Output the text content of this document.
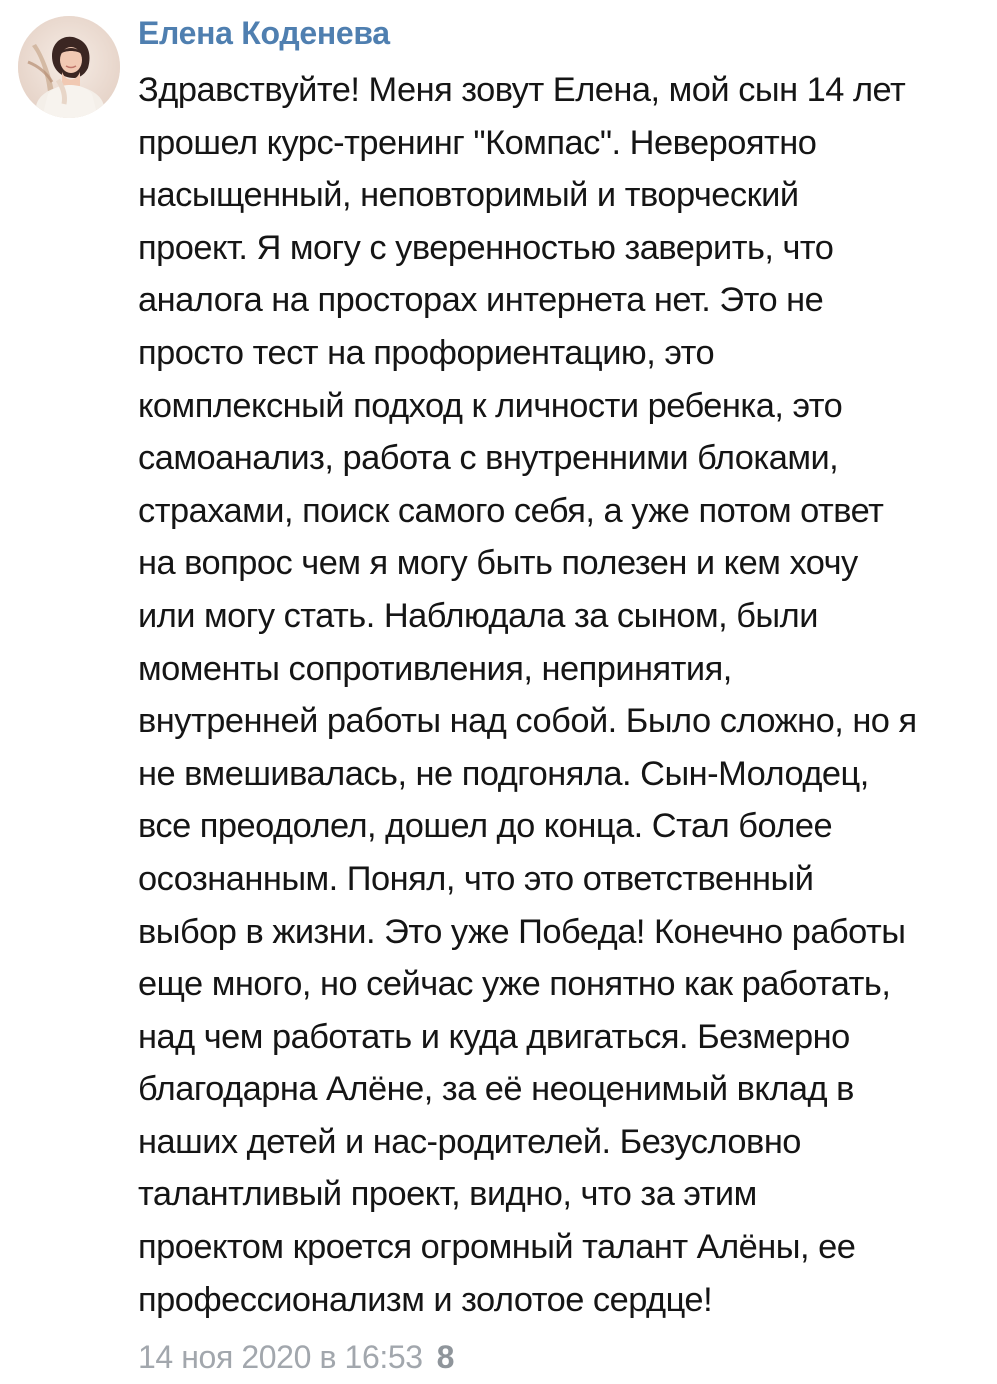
Елена Коденева
Здравствуйте! Меня зовут Елена, мой сын 14 лет
прошел курс-тренинг "Компас". Невероятно
насыщенный, неповторимый и творческий
проект. Я могу с уверенностью заверить, что
аналога на просторах интернета нет. Это не
просто тест на профориентацию, это
комплексный подход к личности ребенка, это
самоанализ, работа с внутренними блоками,
страхами, поиск самого себя, а уже потом ответ
на вопрос чем я могу быть полезен и кем хочу
или могу стать. Наблюдала за сыном, были
моменты сопротивления, непринятия,
внутренней работы над собой. Было сложно, но я
не вмешивалась, не подгоняла. Сын-Молодец,
все преодолел, дошел до конца. Стал более
осознанным. Понял, что это ответственный
выбор в жизни. Это уже Победа! Конечно работы
еще много, но сейчас уже понятно как работать,
над чем работать и куда двигаться. Безмерно
благодарна Алёне, за её неоценимый вклад в
наших детей и нас-родителей. Безусловно
талантливый проект, видно, что за этим
проектом кроется огромный талант Алёны, ее
профессионализм и золотое сердце!
14 ноя 2020 в 16:53 8
